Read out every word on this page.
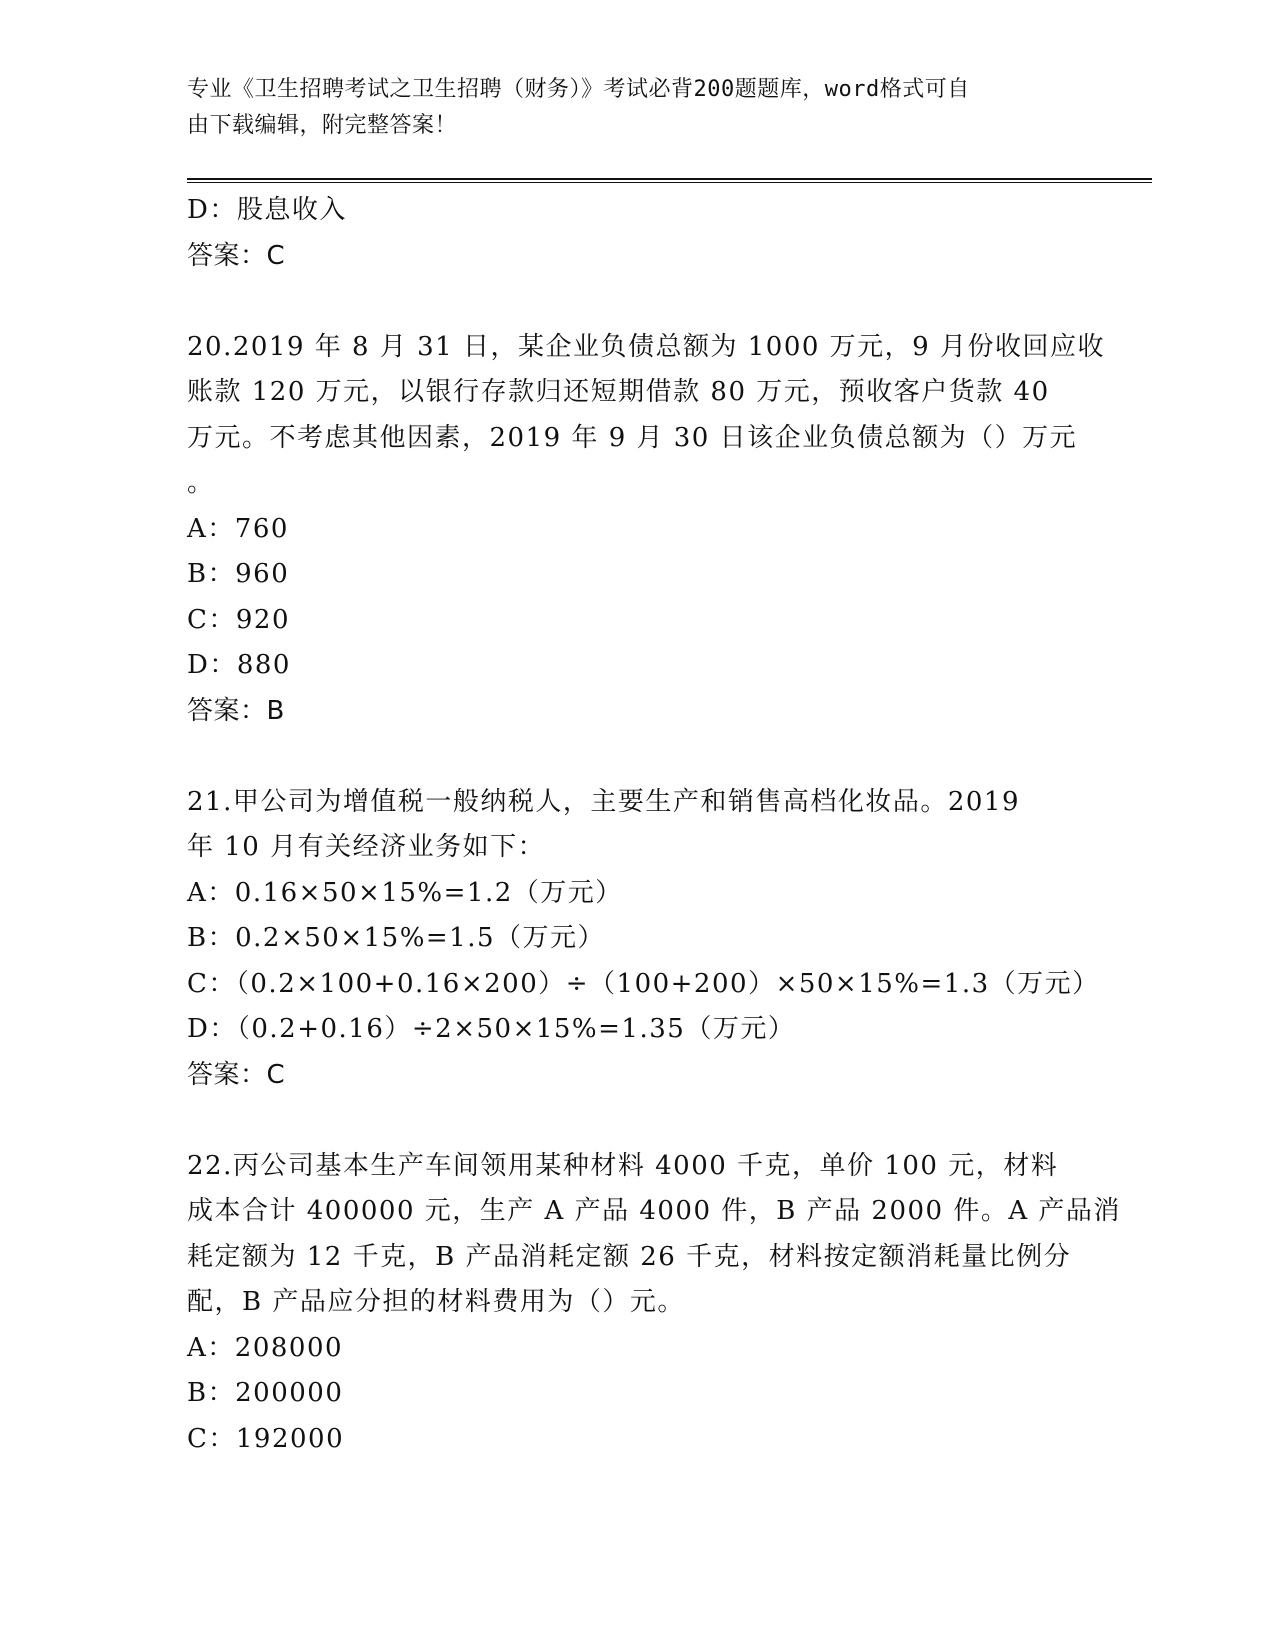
专业《卫生招聘考试之卫生招聘（财务）》考试必背200题题库，word格式可自
由下载编辑，附完整答案！
D：股息收入
答案：C
20.2019 年 8 月 31 日，某企业负债总额为 1000 万元，9 月份收回应收
账款 120 万元，以银行存款归还短期借款 80 万元，预收客户货款 40
万元。不考虑其他因素，2019 年 9 月 30 日该企业负债总额为（）万元
。
A：760
B：960
C：920
D：880
答案：B
21.甲公司为增值税一般纳税人，主要生产和销售高档化妆品。2019
年 10 月有关经济业务如下：
A：0.16×50×15%=1.2（万元）
B：0.2×50×15%=1.5（万元）
C：（0.2×100+0.16×200）÷（100+200）×50×15%=1.3（万元）
D：（0.2+0.16）÷2×50×15%=1.35（万元）
答案：C
22.丙公司基本生产车间领用某种材料 4000 千克，单价 100 元，材料
成本合计 400000 元，生产 A 产品 4000 件，B 产品 2000 件。A 产品消
耗定额为 12 千克，B 产品消耗定额 26 千克，材料按定额消耗量比例分
配，B 产品应分担的材料费用为（）元。
A：208000
B：200000
C：192000
